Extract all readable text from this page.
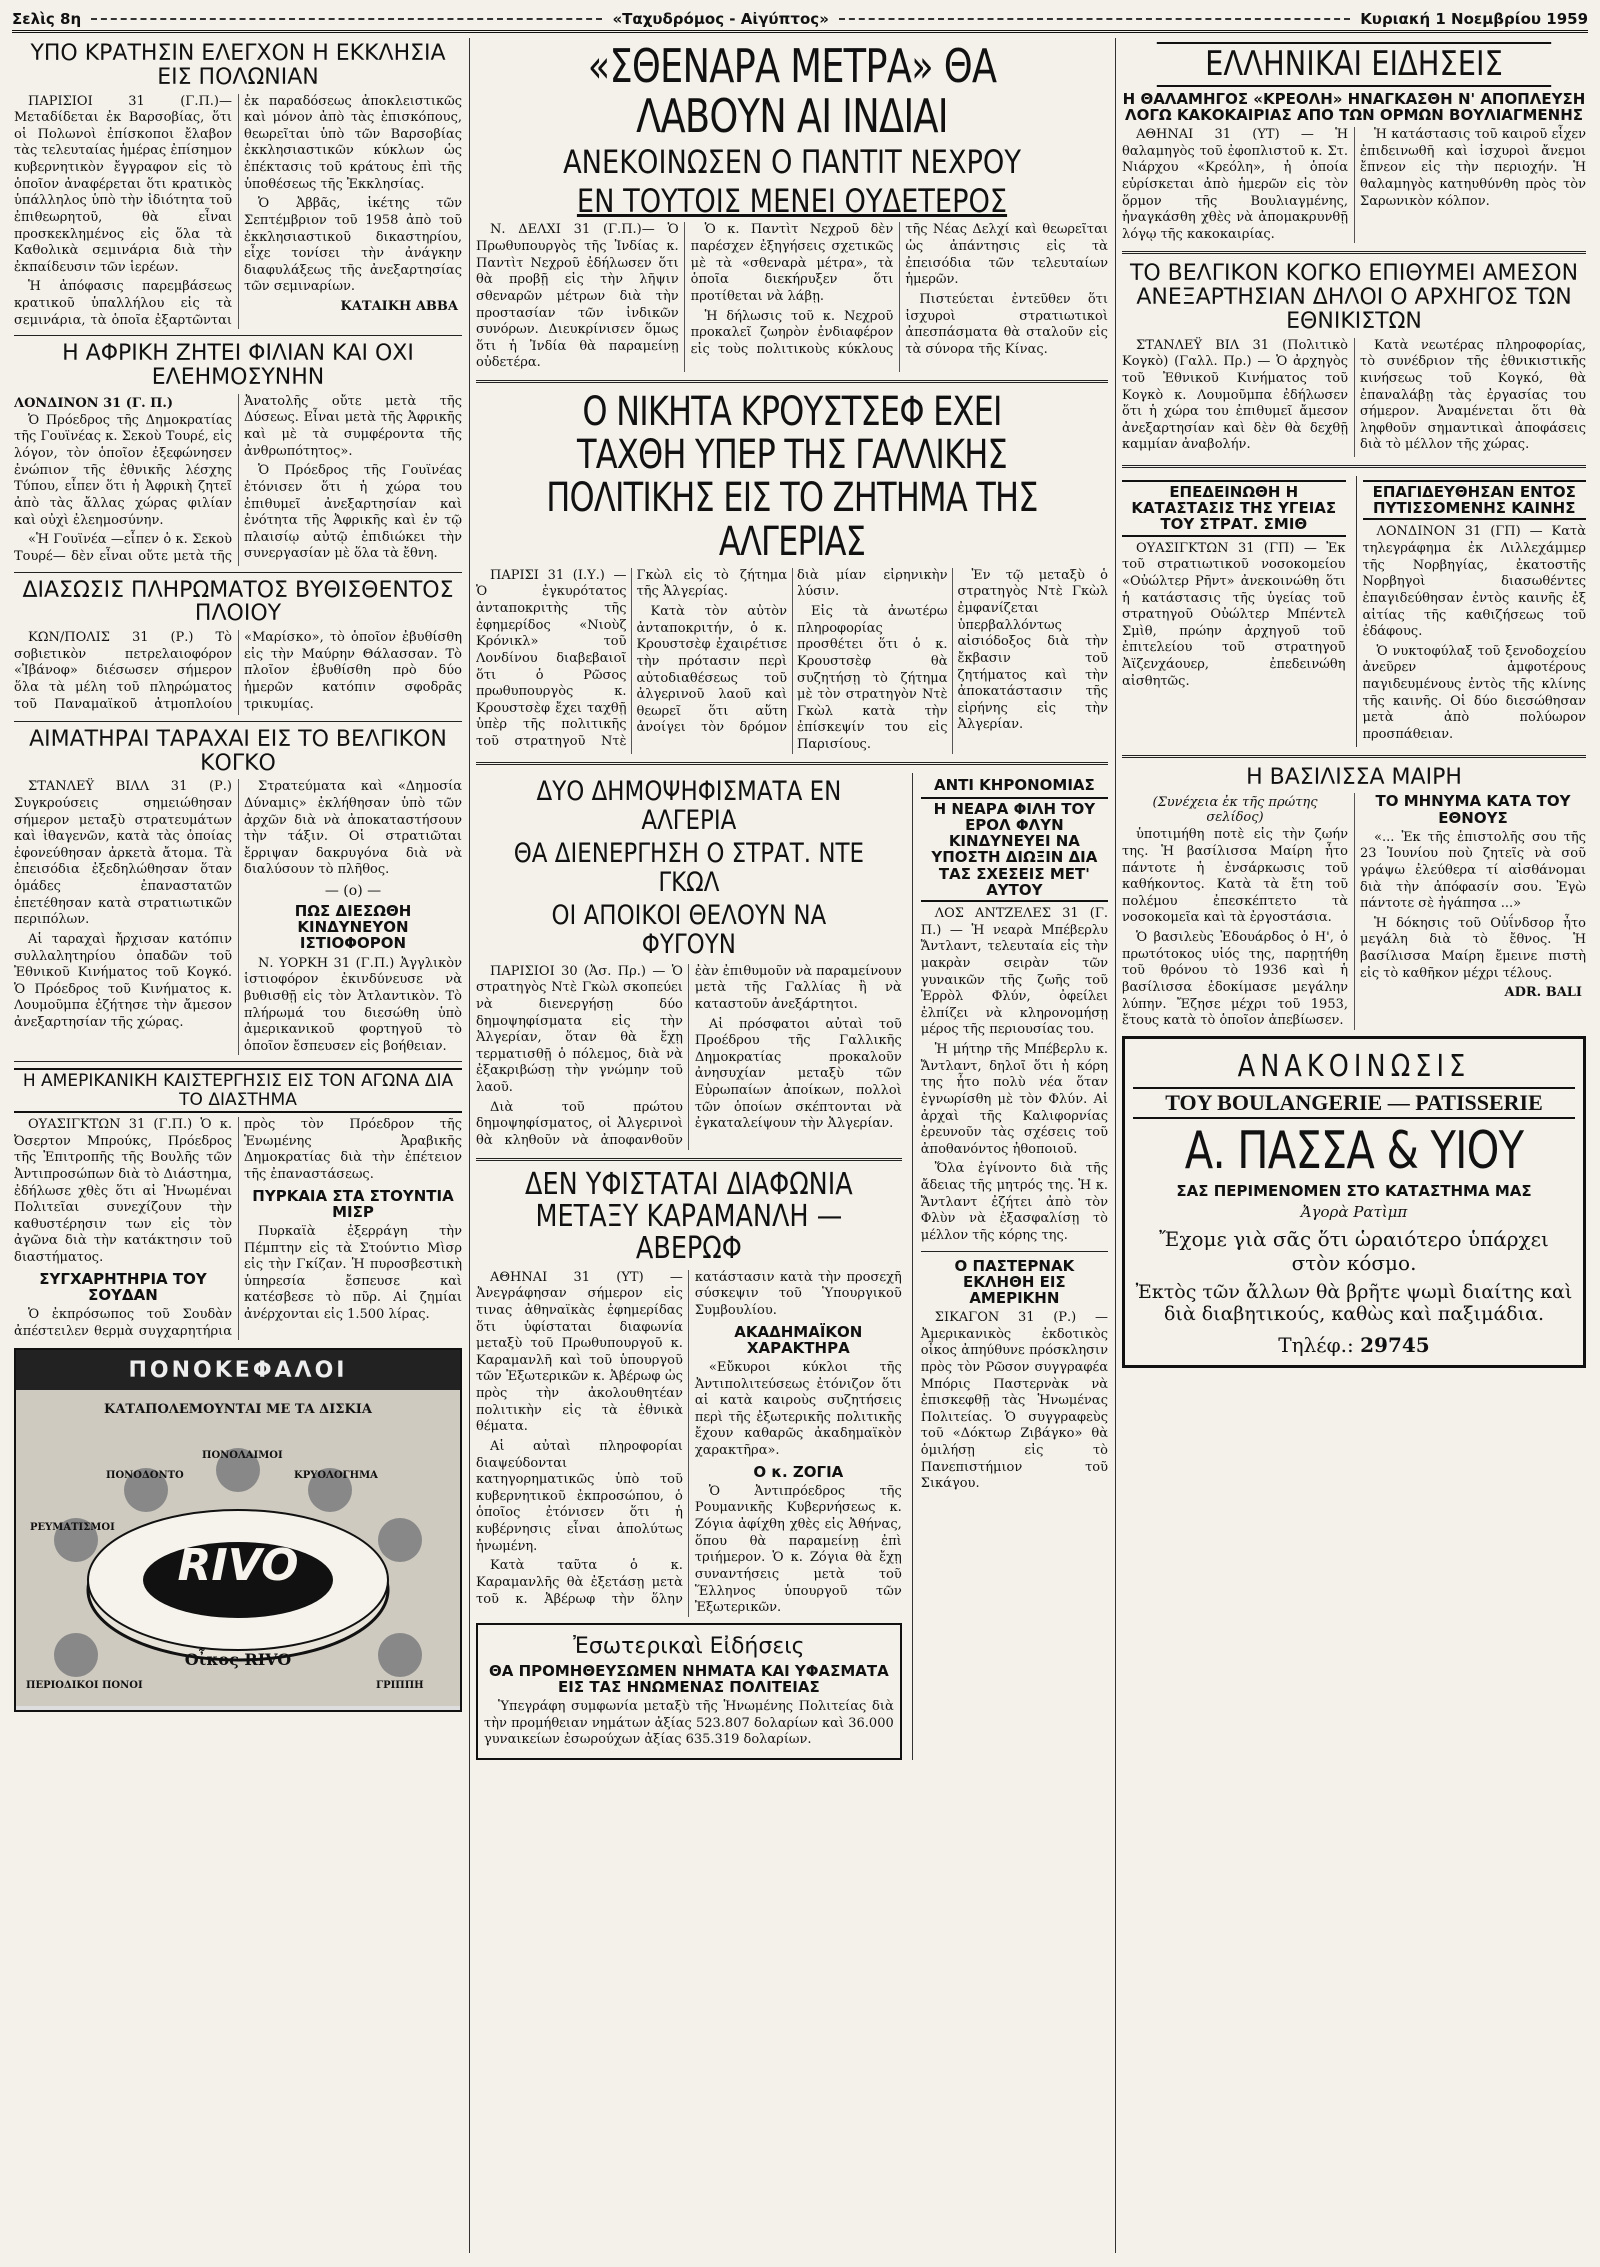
Σελὶς 8η	«Ταχυδρόμος - Αἰγύπτος»	Κυριακή 1 Νοεμβρίου 1959
ΥΠΟ ΚΡΑΤΗΣΙΝ ΕΛΕΓΧΟΝ Η ΕΚΚΛΗΣΙΑ ΕΙΣ ΠΟΛΩΝΙΑΝ

ΠΑΡΙΣΙΟΙ 31 (Γ.Π.)— Μεταδίδεται ἐκ Βαρσοβίας, ὅτι οἱ Πολωνοὶ ἐπίσκοποι ἔλαβον τὰς τελευταίας ἡμέρας ἐπίσημον κυβερνητικὸν ἔγγραφον εἰς τὸ ὁποῖον ἀναφέρεται ὅτι κρατικὸς ὑπάλληλος ὑπὸ τὴν ἰδιότητα τοῦ ἐπιθεωρητοῦ, θὰ εἶναι προσκεκλημένος εἰς ὅλα τὰ Καθολικὰ σεμινάρια διὰ τὴν ἐκπαίδευσιν τῶν ἱερέων.

Ἡ ἀπόφασις παρεμβάσεως κρατικοῦ ὑπαλλήλου εἰς τὰ σεμινάρια, τὰ ὁποῖα ἐξαρτῶνται ἐκ παραδόσεως ἀποκλειστικῶς καὶ μόνον ἀπὸ τὰς ἐπισκόπους, θεωρεῖται ὑπὸ τῶν Βαρσοβίας ἐκκλησιαστικῶν κύκλων ὡς ἐπέκτασις τοῦ κράτους ἐπὶ τῆς ὑποθέσεως τῆς Ἐκκλησίας.

Ὁ Ἀββᾶς, ἱκέτης τῶν Σεπτέμβριον τοῦ 1958 ἀπὸ τοῦ ἐκκλησιαστικοῦ δικαστηρίου, εἶχε τονίσει τὴν ἀνάγκην διαφυλάξεως τῆς ἀνεξαρτησίας τῶν σεμιναρίων.

ΚΑΤΑΙΚΗ ΑΒΒΑ
Η ΑΦΡΙΚΗ ΖΗΤΕΙ ΦΙΛΙΑΝ ΚΑΙ ΟΧΙ ΕΛΕΗΜΟΣΥΝΗΝ
ΛΟΝΔΙΝΟΝ 31 (Γ. Π.)

Ὁ Πρόεδρος τῆς Δημοκρατίας τῆς Γουϊνέας κ. Σεκοὺ Τουρέ, εἰς λόγον, τὸν ὁποῖον ἐξεφώνησεν ἐνώπιον τῆς ἐθνικῆς λέσχης Τύπου, εἶπεν ὅτι ἡ Ἀφρικὴ ζητεῖ ἀπὸ τὰς ἄλλας χώρας φιλίαν καὶ οὐχὶ ἐλεημοσύνην.

«Ἡ Γουϊνέα —εἶπεν ὁ κ. Σεκοὺ Τουρέ— δὲν εἶναι οὔτε μετὰ τῆς Ἀνατολῆς οὔτε μετὰ τῆς Δύσεως. Εἶναι μετὰ τῆς Ἀφρικῆς καὶ μὲ τὰ συμφέροντα τῆς ἀνθρωπότητος».

Ὁ Πρόεδρος τῆς Γουϊνέας ἐτόνισεν ὅτι ἡ χώρα του ἐπιθυμεῖ ἀνεξαρτησίαν καὶ ἐνότητα τῆς Ἀφρικῆς καὶ ἐν τῷ πλαισίῳ αὐτῷ ἐπιδιώκει τὴν συνεργασίαν μὲ ὅλα τὰ ἔθνη.

ΔΙΑΣΩΣΙΣ ΠΛΗΡΩΜΑΤΟΣ ΒΥΘΙΣΘΕΝΤΟΣ ΠΛΟΙΟΥ

ΚΩΝ/ΠΟΛΙΣ 31 (Ρ.) Τὸ σοβιετικὸν πετρελαιοφόρον «Ἰβάνοφ» διέσωσεν σήμερον ὅλα τὰ μέλη τοῦ πληρώματος τοῦ Παναμαϊκοῦ ἀτμοπλοίου «Μαρίσκο», τὸ ὁποῖον ἐβυθίσθη εἰς τὴν Μαύρην Θάλασσαν. Τὸ πλοῖον ἐβυθίσθη πρὸ δύο ἡμερῶν κατόπιν σφοδρᾶς τρικυμίας.

ΑΙΜΑΤΗΡΑΙ ΤΑΡΑΧΑΙ ΕΙΣ ΤΟ ΒΕΛΓΙΚΟΝ ΚΟΓΚΟ

ΣΤΑΝΛΕΫ ΒΙΛΛ 31 (Ρ.) Συγκρούσεις σημειώθησαν σήμερον μεταξὺ στρατευμάτων καὶ ἰθαγενῶν, κατὰ τὰς ὁποίας ἐφονεύθησαν ἀρκετὰ ἄτομα. Τὰ ἐπεισόδια ἐξεδηλώθησαν ὅταν ὁμάδες ἐπαναστατῶν ἐπετέθησαν κατὰ στρατιωτικῶν περιπόλων.

Αἱ ταραχαὶ ἤρχισαν κατόπιν συλλαλητηρίου ὀπαδῶν τοῦ Ἐθνικοῦ Κινήματος τοῦ Κογκό. Ὁ Πρόεδρος τοῦ Κινήματος κ. Λουμοῦμπα ἐζήτησε τὴν ἄμεσον ἀνεξαρτησίαν τῆς χώρας.

Στρατεύματα καὶ «Δημοσία Δύναμις» ἐκλήθησαν ὑπὸ τῶν ἀρχῶν διὰ νὰ ἀποκαταστήσουν τὴν τάξιν. Οἱ στρατιῶται ἔρριψαν δακρυγόνα διὰ νὰ διαλύσουν τὸ πλῆθος.

— (ο) —
ΠΩΣ ΔΙΕΣΩΘΗ ΚΙΝΔΥΝΕΥΟΝ ΙΣΤΙΟΦΟΡΟΝ

Ν. ΥΟΡΚΗ 31 (Γ.Π.) Ἀγγλικὸν ἱστιοφόρον ἐκινδύνευσε νὰ βυθισθῇ εἰς τὸν Ἀτλαντικὸν. Τὸ πλήρωμά του διεσώθη ὑπὸ ἀμερικανικοῦ φορτηγοῦ τὸ ὁποῖον ἔσπευσεν εἰς βοήθειαν.

Η ΑΜΕΡΙΚΑΝΙΚΗ ΚΑΙΣΤΕΡΓΗΣΙΣ ΕΙΣ ΤΟΝ ΑΓΩΝΑ ΔΙΑ ΤΟ ΔΙΑΣΤΗΜΑ

ΟΥΑΣΙΓΚΤΩΝ 31 (Γ.Π.) Ὁ κ. Ὀσερτον Μπρούκς, Πρόεδρος τῆς Ἐπιτροπῆς τῆς Βουλῆς τῶν Ἀντιπροσώπων διὰ τὸ Διάστημα, ἐδήλωσε χθὲς ὅτι αἱ Ἡνωμέναι Πολιτεῖαι συνεχίζουν τὴν καθυστέρησιν των εἰς τὸν ἀγῶνα διὰ τὴν κατάκτησιν τοῦ διαστήματος.

ΣΥΓΧΑΡΗΤΗΡΙΑ ΤΟΥ ΣΟΥΔΑΝ

Ὁ ἐκπρόσωπος τοῦ Σουδὰν ἀπέστειλεν θερμὰ συγχαρητήρια πρὸς τὸν Πρόεδρον τῆς Ἑνωμένης Ἀραβικῆς Δημοκρατίας διὰ τὴν ἐπέτειον τῆς ἐπαναστάσεως.

ΠΥΡΚΑΙΑ ΣΤΑ ΣΤΟΥΝΤΙΑ ΜΙΣΡ

Πυρκαϊὰ ἐξερράγη τὴν Πέμπτην εἰς τὰ Στούντιο Μὶσρ εἰς τὴν Γκίζαν. Ἡ πυροσβεστικὴ ὑπηρεσία ἔσπευσε καὶ κατέσβεσε τὸ πῦρ. Αἱ ζημίαι ἀνέρχονται εἰς 1.500 λίρας.

ΠΟΝΟΚΕΦΑΛΟΙ
ΚΑΤΑΠΟΛΕΜΟΥΝΤΑΙ ΜΕ ΤΑ ΔΙΣΚΙΑ
RIVO
ΡΕΥΜΑΤΙΣΜΟΙ
ΠΟΝΟΔΟΝΤΟ
ΠΟΝΟΛΑΙΜΟΙ
ΚΡΥΟΛΟΓΗΜΑ
ΠΕΡΙΟΔΙΚΟΙ ΠΟΝΟΙ	ΓΡΙΠΠΗ
Οἶκος RIVO
«ΣΘΕΝΑΡΑ ΜΕΤΡΑ» ΘΑ ΛΑΒΟΥΝ ΑΙ ΙΝΔΙΑΙ
ΑΝΕΚΟΙΝΩΣΕΝ Ο ΠΑΝΤΙΤ ΝΕΧΡΟΥ
ΕΝ ΤΟΥΤΟΙΣ ΜΕΝΕΙ ΟΥΔΕΤΕΡΟΣ

Ν. ΔΕΛΧΙ 31 (Γ.Π.)— Ὁ Πρωθυπουργὸς τῆς Ἰνδίας κ. Παντὶτ Νεχροῦ ἐδήλωσεν ὅτι θὰ προβῇ εἰς τὴν λῆψιν σθεναρῶν μέτρων διὰ τὴν προστασίαν τῶν ἰνδικῶν συνόρων. Διευκρίνισεν ὅμως ὅτι ἡ Ἰνδία θὰ παραμείνῃ οὐδετέρα.

Ὁ κ. Παντὶτ Νεχροῦ δὲν παρέσχεν ἐξηγήσεις σχετικῶς μὲ τὰ «σθεναρὰ μέτρα», τὰ ὁποῖα διεκήρυξεν ὅτι προτίθεται νὰ λάβῃ.

Ἡ δήλωσις τοῦ κ. Νεχροῦ προκαλεῖ ζωηρὸν ἐνδιαφέρον εἰς τοὺς πολιτικοὺς κύκλους τῆς Νέας Δελχί καὶ θεωρεῖται ὡς ἀπάντησις εἰς τὰ ἐπεισόδια τῶν τελευταίων ἡμερῶν.

Πιστεύεται ἐντεῦθεν ὅτι ἰσχυροὶ στρατιωτικοὶ ἀπεσπάσματα θὰ σταλοῦν εἰς τὰ σύνορα τῆς Κίνας.

Ο ΝΙΚΗΤΑ ΚΡΟΥΣΤΣΕΦ ΕΧΕΙ ΤΑΧΘΗ ΥΠΕΡ ΤΗΣ ΓΑΛΛΙΚΗΣ ΠΟΛΙΤΙΚΗΣ ΕΙΣ ΤΟ ΖΗΤΗΜΑ ΤΗΣ ΑΛΓΕΡΙΑΣ

ΠΑΡΙΣΙ 31 (Ι.Υ.) — Ὁ ἐγκυρότατος ἀνταποκριτὴς τῆς ἐφημερίδος «Νιοὺζ Κρόνικλ» τοῦ Λονδίνου διαβεβαιοῖ ὅτι ὁ Ρῶσος πρωθυπουργὸς κ. Κρουστσὲφ ἔχει ταχθῇ ὑπὲρ τῆς πολιτικῆς τοῦ στρατηγοῦ Ντὲ Γκὼλ εἰς τὸ ζήτημα τῆς Ἀλγερίας.

Κατὰ τὸν αὐτὸν ἀνταποκριτήν, ὁ κ. Κρουστσὲφ ἐχαιρέτισε τὴν πρότασιν περὶ αὐτοδιαθέσεως τοῦ ἀλγερινοῦ λαοῦ καὶ θεωρεῖ ὅτι αὕτη ἀνοίγει τὸν δρόμον διὰ μίαν εἰρηνικὴν λύσιν.

Εἰς τὰ ἀνωτέρω πληροφορίας προσθέτει ὅτι ὁ κ. Κρουστσὲφ θὰ συζητήσῃ τὸ ζήτημα μὲ τὸν στρατηγὸν Ντὲ Γκὼλ κατὰ τὴν ἐπίσκεψίν του εἰς Παρισίους.

Ἐν τῷ μεταξὺ ὁ στρατηγὸς Ντὲ Γκὼλ ἐμφανίζεται ὑπερβαλλόντως αἰσιόδοξος διὰ τὴν ἔκβασιν τοῦ ζητήματος καὶ τὴν ἀποκατάστασιν τῆς εἰρήνης εἰς τὴν Ἀλγερίαν.

ΔΥΟ ΔΗΜΟΨΗΦΙΣΜΑΤΑ ΕΝ ΑΛΓΕΡΙΑ
ΘΑ ΔΙΕΝΕΡΓΗΣΗ Ο ΣΤΡΑΤ. ΝΤΕ ΓΚΩΛ
ΟΙ ΑΠΟΙΚΟΙ ΘΕΛΟΥΝ ΝΑ ΦΥΓΟΥΝ

ΠΑΡΙΣΙΟΙ 30 (Ἀσ. Πρ.) — Ὁ στρατηγὸς Ντὲ Γκὼλ σκοπεύει νὰ διενεργήσῃ δύο δημοψηφίσματα εἰς τὴν Ἀλγερίαν, ὅταν θὰ ἔχῃ τερματισθῇ ὁ πόλεμος, διὰ νὰ ἐξακριβώσῃ τὴν γνώμην τοῦ λαοῦ.

Διὰ τοῦ πρώτου δημοψηφίσματος, οἱ Ἀλγερινοὶ θὰ κληθοῦν νὰ ἀποφανθοῦν ἐὰν ἐπιθυμοῦν νὰ παραμείνουν μετὰ τῆς Γαλλίας ἢ νὰ καταστοῦν ἀνεξάρτητοι.

Αἱ πρόσφατοι αὐταὶ τοῦ Προέδρου τῆς Γαλλικῆς Δημοκρατίας προκαλοῦν ἀνησυχίαν μεταξὺ τῶν Εὐρωπαίων ἀποίκων, πολλοὶ τῶν ὁποίων σκέπτονται νὰ ἐγκαταλείψουν τὴν Ἀλγερίαν.

ΔΕΝ ΥΦΙΣΤΑΤΑΙ ΔΙΑΦΩΝΙΑ ΜΕΤΑΞΥ ΚΑΡΑΜΑΝΛΗ — ΑΒΕΡΩΦ

ΑΘΗΝΑΙ 31 (ΥΤ) — Ἀνεγράφησαν σήμερον εἰς τινας ἀθηναϊκὰς ἐφημερίδας ὅτι ὑφίσταται διαφωνία μεταξὺ τοῦ Πρωθυπουργοῦ κ. Καραμανλῆ καὶ τοῦ ὑπουργοῦ τῶν Ἐξωτερικῶν κ. Ἀβέρωφ ὡς πρὸς τὴν ἀκολουθητέαν πολιτικὴν εἰς τὰ ἐθνικὰ θέματα.

Αἱ αὐταὶ πληροφορίαι διαψεύδονται κατηγορηματικῶς ὑπὸ τοῦ κυβερνητικοῦ ἐκπροσώπου, ὁ ὁποῖος ἐτόνισεν ὅτι ἡ κυβέρνησις εἶναι ἀπολύτως ἡνωμένη.

Κατὰ ταῦτα ὁ κ. Καραμανλῆς θὰ ἐξετάσῃ μετὰ τοῦ κ. Ἀβέρωφ τὴν ὅλην κατάστασιν κατὰ τὴν προσεχῆ σύσκεψιν τοῦ Ὑπουργικοῦ Συμβουλίου.

ΑΚΑΔΗΜΑΪΚΟΝ ΧΑΡΑΚΤΗΡΑ

«Εὔκυροι κύκλοι τῆς Ἀντιπολιτεύσεως ἐτόνιζον ὅτι αἱ κατὰ καιροὺς συζητήσεις περὶ τῆς ἐξωτερικῆς πολιτικῆς ἔχουν καθαρῶς ἀκαδημαϊκὸν χαρακτῆρα».

Ο κ. ΖΟΓΙΑ

Ὁ Ἀντιπρόεδρος τῆς Ρουμανικῆς Κυβερνήσεως κ. Ζόγια ἀφίχθη χθὲς εἰς Ἀθήνας, ὅπου θὰ παραμείνῃ ἐπὶ τριήμερον. Ὁ κ. Ζόγια θὰ ἔχῃ συναντήσεις μετὰ τοῦ Ἕλληνος ὑπουργοῦ τῶν Ἐξωτερικῶν.

Ἐσωτερικαὶ Εἰδήσεις
ΘΑ ΠΡΟΜΗΘΕΥΣΩΜΕΝ ΝΗΜΑΤΑ ΚΑΙ ΥΦΑΣΜΑΤΑ ΕΙΣ ΤΑΣ ΗΝΩΜΕΝΑΣ ΠΟΛΙΤΕΙΑΣ

Ὑπεγράφη συμφωνία μεταξὺ τῆς Ἡνωμένης Πολιτείας διὰ τὴν προμήθειαν νημάτων ἀξίας 523.807 δολαρίων καὶ 36.000 γυναικείων ἐσωρούχων ἀξίας 635.319 δολαρίων.

ΑΝΤΙ ΚΗΡΟΝΟΜΙΑΣ
Η ΝΕΑΡΑ ΦΙΛΗ ΤΟΥ ΕΡΟΛ ΦΛΥΝ ΚΙΝΔΥΝΕΥΕΙ ΝΑ ΥΠΟΣΤΗ ΔΙΩΞΙΝ ΔΙΑ ΤΑΣ ΣΧΕΣΕΙΣ ΜΕΤ' ΑΥΤΟΥ

ΛΟΣ ΑΝΤΖΕΛΕΣ 31 (Γ. Π.) — Ἡ νεαρὰ Μπέβερλυ Ἄντλαντ, τελευταία εἰς τὴν μακρὰν σειρὰν τῶν γυναικῶν τῆς ζωῆς τοῦ Ἐρρὸλ Φλύν, ὀφείλει ἐλπίζει νὰ κληρονομήσῃ μέρος τῆς περιουσίας του.

Ἡ μήτηρ τῆς Μπέβερλυ κ. Ἄντλαντ, δηλοῖ ὅτι ἡ κόρη της ἦτο πολὺ νέα ὅταν ἐγνωρίσθη μὲ τὸν Φλύν. Αἱ ἀρχαὶ τῆς Καλιφορνίας ἐρευνοῦν τὰς σχέσεις τοῦ ἀποθανόντος ἠθοποιοῦ.

Ὅλα ἐγίνοντο διὰ τῆς ἄδειας τῆς μητρός της. Ἡ κ. Ἄντλαντ ἐζήτει ἀπὸ τὸν Φλὺν νὰ ἐξασφαλίσῃ τὸ μέλλον τῆς κόρης της.

Ο ΠΑΣΤΕΡΝΑΚ ΕΚΛΗΘΗ ΕΙΣ ΑΜΕΡΙΚΗΝ

ΣΙΚΑΓΟΝ 31 (Ρ.) — Ἀμερικανικὸς ἐκδοτικὸς οἶκος ἀπηύθυνε πρόσκλησιν πρὸς τὸν Ρῶσον συγγραφέα Μπόρις Παστερνὰκ νὰ ἐπισκεφθῇ τὰς Ἡνωμένας Πολιτείας. Ὁ συγγραφεὺς τοῦ «Δόκτωρ Ζιβάγκο» θὰ ὁμιλήσῃ εἰς τὸ Πανεπιστήμιον τοῦ Σικάγου.

ΕΛΛΗΝΙΚΑΙ ΕΙΔΗΣΕΙΣ
Η ΘΑΛΑΜΗΓΟΣ «ΚΡΕΟΛΗ» ΗΝΑΓΚΑΣΘΗ Ν' ΑΠΟΠΛΕΥΣΗ ΛΟΓΩ ΚΑΚΟΚΑΙΡΙΑΣ ΑΠΟ ΤΩΝ ΟΡΜΩΝ ΒΟΥΛΙΑΓΜΕΝΗΣ

ΑΘΗΝΑΙ 31 (ΥΤ) — Ἡ θαλαμηγὸς τοῦ ἐφοπλιστοῦ κ. Στ. Νιάρχου «Κρεόλη», ἡ ὁποία εὑρίσκεται ἀπὸ ἡμερῶν εἰς τὸν ὅρμον τῆς Βουλιαγμένης, ἠναγκάσθη χθὲς νὰ ἀπομακρυνθῇ λόγῳ τῆς κακοκαιρίας.

Ἡ κατάστασις τοῦ καιροῦ εἶχεν ἐπιδεινωθῆ καὶ ἰσχυροὶ ἄνεμοι ἔπνεον εἰς τὴν περιοχήν. Ἡ θαλαμηγὸς κατηυθύνθη πρὸς τὸν Σαρωνικὸν κόλπον.

ΤΟ ΒΕΛΓΙΚΟΝ ΚΟΓΚΟ ΕΠΙΘΥΜΕΙ ΑΜΕΣΟΝ ΑΝΕΞΑΡΤΗΣΙΑΝ ΔΗΛΟΙ Ο ΑΡΧΗΓΟΣ ΤΩΝ ΕΘΝΙΚΙΣΤΩΝ

ΣΤΑΝΛΕΫ ΒΙΛ 31 (Πολιτικὸ Κογκὸ) (Γαλλ. Πρ.) — Ὁ ἀρχηγὸς τοῦ Ἐθνικοῦ Κινήματος τοῦ Κογκὸ κ. Λουμοῦμπα ἐδήλωσεν ὅτι ἡ χώρα του ἐπιθυμεῖ ἄμεσον ἀνεξαρτησίαν καὶ δὲν θὰ δεχθῇ καμμίαν ἀναβολήν.

Κατὰ νεωτέρας πληροφορίας, τὸ συνέδριον τῆς ἐθνικιστικῆς κινήσεως τοῦ Κογκό, θὰ ἐπαναλάβῃ τὰς ἐργασίας του σήμερον. Ἀναμένεται ὅτι θὰ ληφθοῦν σημαντικαὶ ἀποφάσεις διὰ τὸ μέλλον τῆς χώρας.

ΕΠΕΔΕΙΝΩΘΗ Η ΚΑΤΑΣΤΑΣΙΣ ΤΗΣ ΥΓΕΙΑΣ ΤΟΥ ΣΤΡΑΤ. ΣΜΙΘ

ΟΥΑΣΙΓΚΤΩΝ 31 (ΓΠ) — Ἐκ τοῦ στρατιωτικοῦ νοσοκομείου «Οὐώλτερ Ρῆντ» ἀνεκοινώθη ὅτι ἡ κατάστασις τῆς ὑγείας τοῦ στρατηγοῦ Οὐώλτερ Μπέντελ Σμὶθ, πρώην ἀρχηγοῦ τοῦ ἐπιτελείου τοῦ στρατηγοῦ Ἀϊζενχάουερ, ἐπεδεινώθη αἰσθητῶς.

ΕΠΑΓΙΔΕΥΘΗΣΑΝ ΕΝΤΟΣ ΠΥΤΙΣΣΟΜΕΝΗΣ ΚΑΙΝΗΣ

ΛΟΝΔΙΝΟΝ 31 (ΓΠ) — Κατὰ τηλεγράφημα ἐκ Λιλλεχάμμερ τῆς Νορβηγίας, ἐκατοστῆς Νορβηγοὶ διασωθέντες ἐπαγιδεύθησαν ἐντὸς καινῆς ἐξ αἰτίας τῆς καθιζήσεως τοῦ ἐδάφους.

Ὁ νυκτοφύλαξ τοῦ ξενοδοχείου ἀνεῦρεν ἀμφοτέρους παγιδευμένους ἐντὸς τῆς κλίνης τῆς καινῆς. Οἱ δύο διεσώθησαν μετὰ ἀπὸ πολύωρον προσπάθειαν.

Η ΒΑΣΙΛΙΣΣΑ ΜΑΙΡΗ
(Συνέχεια ἐκ τῆς πρώτης σελίδος)

ὑποτιμήθη ποτὲ εἰς τὴν ζωήν της. Ἡ βασίλισσα Μαίρη ἦτο πάντοτε ἡ ἐνσάρκωσις τοῦ καθήκοντος. Κατὰ τὰ ἔτη τοῦ πολέμου ἐπεσκέπτετο τὰ νοσοκομεῖα καὶ τὰ ἐργοστάσια.

Ὁ βασιλεὺς Ἐδουάρδος ὁ Η', ὁ πρωτότοκος υἱός της, παρῃτήθη τοῦ θρόνου τὸ 1936 καὶ ἡ βασίλισσα ἐδοκίμασε μεγάλην λύπην. Ἔζησε μέχρι τοῦ 1953, ἔτους κατὰ τὸ ὁποῖον ἀπεβίωσεν.

ΤΟ ΜΗΝΥΜΑ ΚΑΤΑ ΤΟΥ ΕΘΝΟΥΣ

«... Ἐκ τῆς ἐπιστολῆς σου τῆς 23 Ἰουνίου ποὺ ζητεῖς νὰ σοῦ γράψω ἐλεύθερα τί αἰσθάνομαι διὰ τὴν ἀπόφασίν σου. Ἐγὼ πάντοτε σὲ ἠγάπησα ...»

Ἡ δόκησις τοῦ Οὐΐνδσορ ἦτο μεγάλη διὰ τὸ ἔθνος. Ἡ βασίλισσα Μαίρη ἔμεινε πιστὴ εἰς τὸ καθῆκον μέχρι τέλους.

ADR. BALI
ΑΝΑΚΟΙΝΩΣΙΣ
TOY BOULANGERIE — PATISSERIE
Α. ΠΑΣΣΑ & ΥΙΟΥ
ΣΑΣ ΠΕΡΙΜΕΝΟΜΕΝ ΣΤΟ ΚΑΤΑΣΤΗΜΑ ΜΑΣ
Ἀγορὰ Ρατὶμπ
Ἔχομε γιὰ σᾶς ὅτι ὡραιότερο ὑπάρχει στὸν κόσμο.
Ἐκτὸς τῶν ἄλλων θὰ βρῆτε ψωμὶ διαίτης καὶ διὰ διαβητικούς, καθὼς καὶ παξιμάδια.
Τηλέφ.: 29745
